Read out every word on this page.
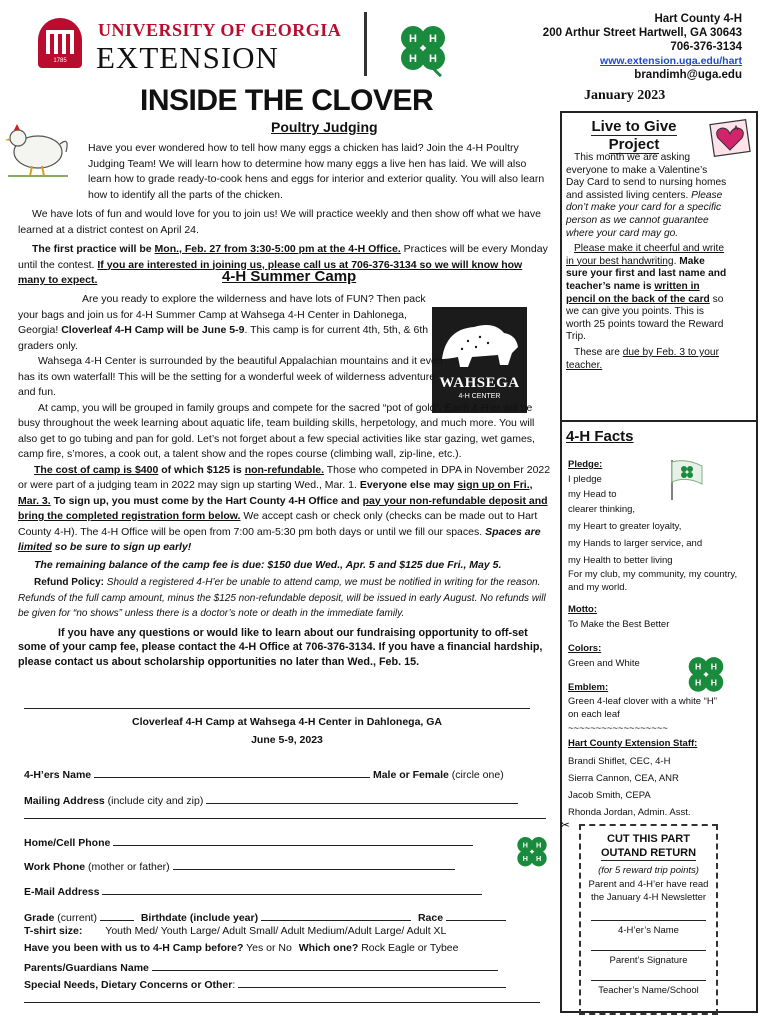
1785
UNIVERSITY OF GEORGIA
EXTENSION
H H
H H
Hart County 4-H
200 Arthur Street Hartwell, GA 30643
706-376-3134
www.extension.uga.edu/hart
brandimh@uga.edu
INSIDE THE CLOVER	January 2023
Poultry Judging

Have you ever wondered how to tell how many eggs a chicken has laid? Join the 4-H Poultry Judging Team! We will learn how to determine how many eggs a live hen has laid. We will also learn how to grade ready-to-cook hens and eggs for interior and exterior quality. You will also learn how to identify all the parts of the chicken.

We have lots of fun and would love for you to join us! We will practice weekly and then show off what we have learned at a district contest on April 24.

The first practice will be Mon., Feb. 27 from 3:30-5:00 pm at the 4-H Office. Practices will be every Monday until the contest. If you are interested in joining us, please call us at 706-376-3134 so we will know how many to expect.	4-H Summer Camp
WAHSEGA
4-H CENTER

Are you ready to explore the wilderness and have lots of FUN? Then pack your bags and join us for 4-H Summer Camp at Wahsega 4-H Center in Dahlonega, Georgia! Cloverleaf 4-H Camp will be June 5-9. This camp is for current 4th, 5th, & 6th graders only.

Wahsega 4-H Center is surrounded by the beautiful Appalachian mountains and it even has its own waterfall! This will be the setting for a wonderful week of wilderness adventure and fun.

At camp, you will be grouped in family groups and compete for the sacred “pot of gold”. Each 4-H’er will be busy throughout the week learning about aquatic life, team building skills, herpetology, and much more. You will also get to go tubing and pan for gold. Let’s not forget about a few special activities like star gazing, wet games, camp fire, s’mores, a cook out, a talent show and the ropes course (climbing wall, zip-line, etc.).

The cost of camp is $400 of which $125 is non-refundable. Those who competed in DPA in November 2022 or were part of a judging team in 2022 may sign up starting Wed., Mar. 1. Everyone else may sign up on Fri., Mar. 3. To sign up, you must come by the Hart County 4-H Office and pay your non-refundable deposit and bring the completed registration form below. We accept cash or check only (checks can be made out to Hart County 4-H). The 4-H Office will be open from 7:00 am-5:30 pm both days or until we fill our spaces. Spaces are limited so be sure to sign up early!

The remaining balance of the camp fee is due: $150 due Wed., Apr. 5 and $125 due Fri., May 5.

Refund Policy: Should a registered 4-H’er be unable to attend camp, we must be notified in writing for the reason. Refunds of the full camp amount, minus the $125 non-refundable deposit, will be issued in early August. No refunds will be given for “no shows” unless there is a doctor’s note or death in the immediate family.

If you have any questions or would like to learn about our fundraising opportunity to off-set some of your camp fee, please contact the 4-H Office at 706-376-3134. If you have a financial hardship, please contact us about scholarship opportunities no later than Wed., Feb. 15.

Cloverleaf 4-H Camp at Wahsega 4-H Center in Dahlonega, GA
June 5-9, 2023
4-H’ers Name	Male or Female (circle one)
Mailing Address (include city and zip)
Home/Cell Phone
Work Phone (mother or father)
E-Mail Address
Grade (current)	Birthdate (include year)	Race
T-shirt size: Youth Med/ Youth Large/ Adult Small/ Adult Medium/Adult Large/ Adult XL
Have you been with us to 4-H Camp before? Yes or No Which one? Rock Eagle or Tybee
Parents/Guardians Name
Special Needs, Dietary Concerns or Other:
H H
H H
Live to Give
Project

This month we are asking everyone to make a Valentine’s Day Card to send to nursing homes and assisted living centers. Please don’t make your card for a specific person as we cannot guarantee where your card may go.

Please make it cheerful and write in your best handwriting. Make sure your first and last name and teacher’s name is written in pencil on the back of the card so we can give you points. This is worth 25 points toward the Reward Trip.

These are due by Feb. 3 to your teacher.

4-H Facts
Pledge:
I pledge
my Head to
clearer thinking,
my Heart to greater loyalty,
my Hands to larger service, and
my Health to better living
For my club, my community, my country, and my world.
Motto:
To Make the Best Better
Colors:
Green and White
Emblem:
Green 4-leaf clover with a white “H” on each leaf
~~~~~~~~~~~~~~~~~~
Hart County Extension Staff:
Brandi Shiflet, CEC, 4-H
Sierra Cannon, CEA, ANR
Jacob Smith, CEPA
Rhonda Jordan, Admin. Asst.
H H
H H
CUT THIS PART
OUTAND RETURN
(for 5 reward trip points)
Parent and 4-H’er have read the January 4-H Newsletter
4-H’er’s Name
Parent’s Signature
Teacher’s Name/School
✂
